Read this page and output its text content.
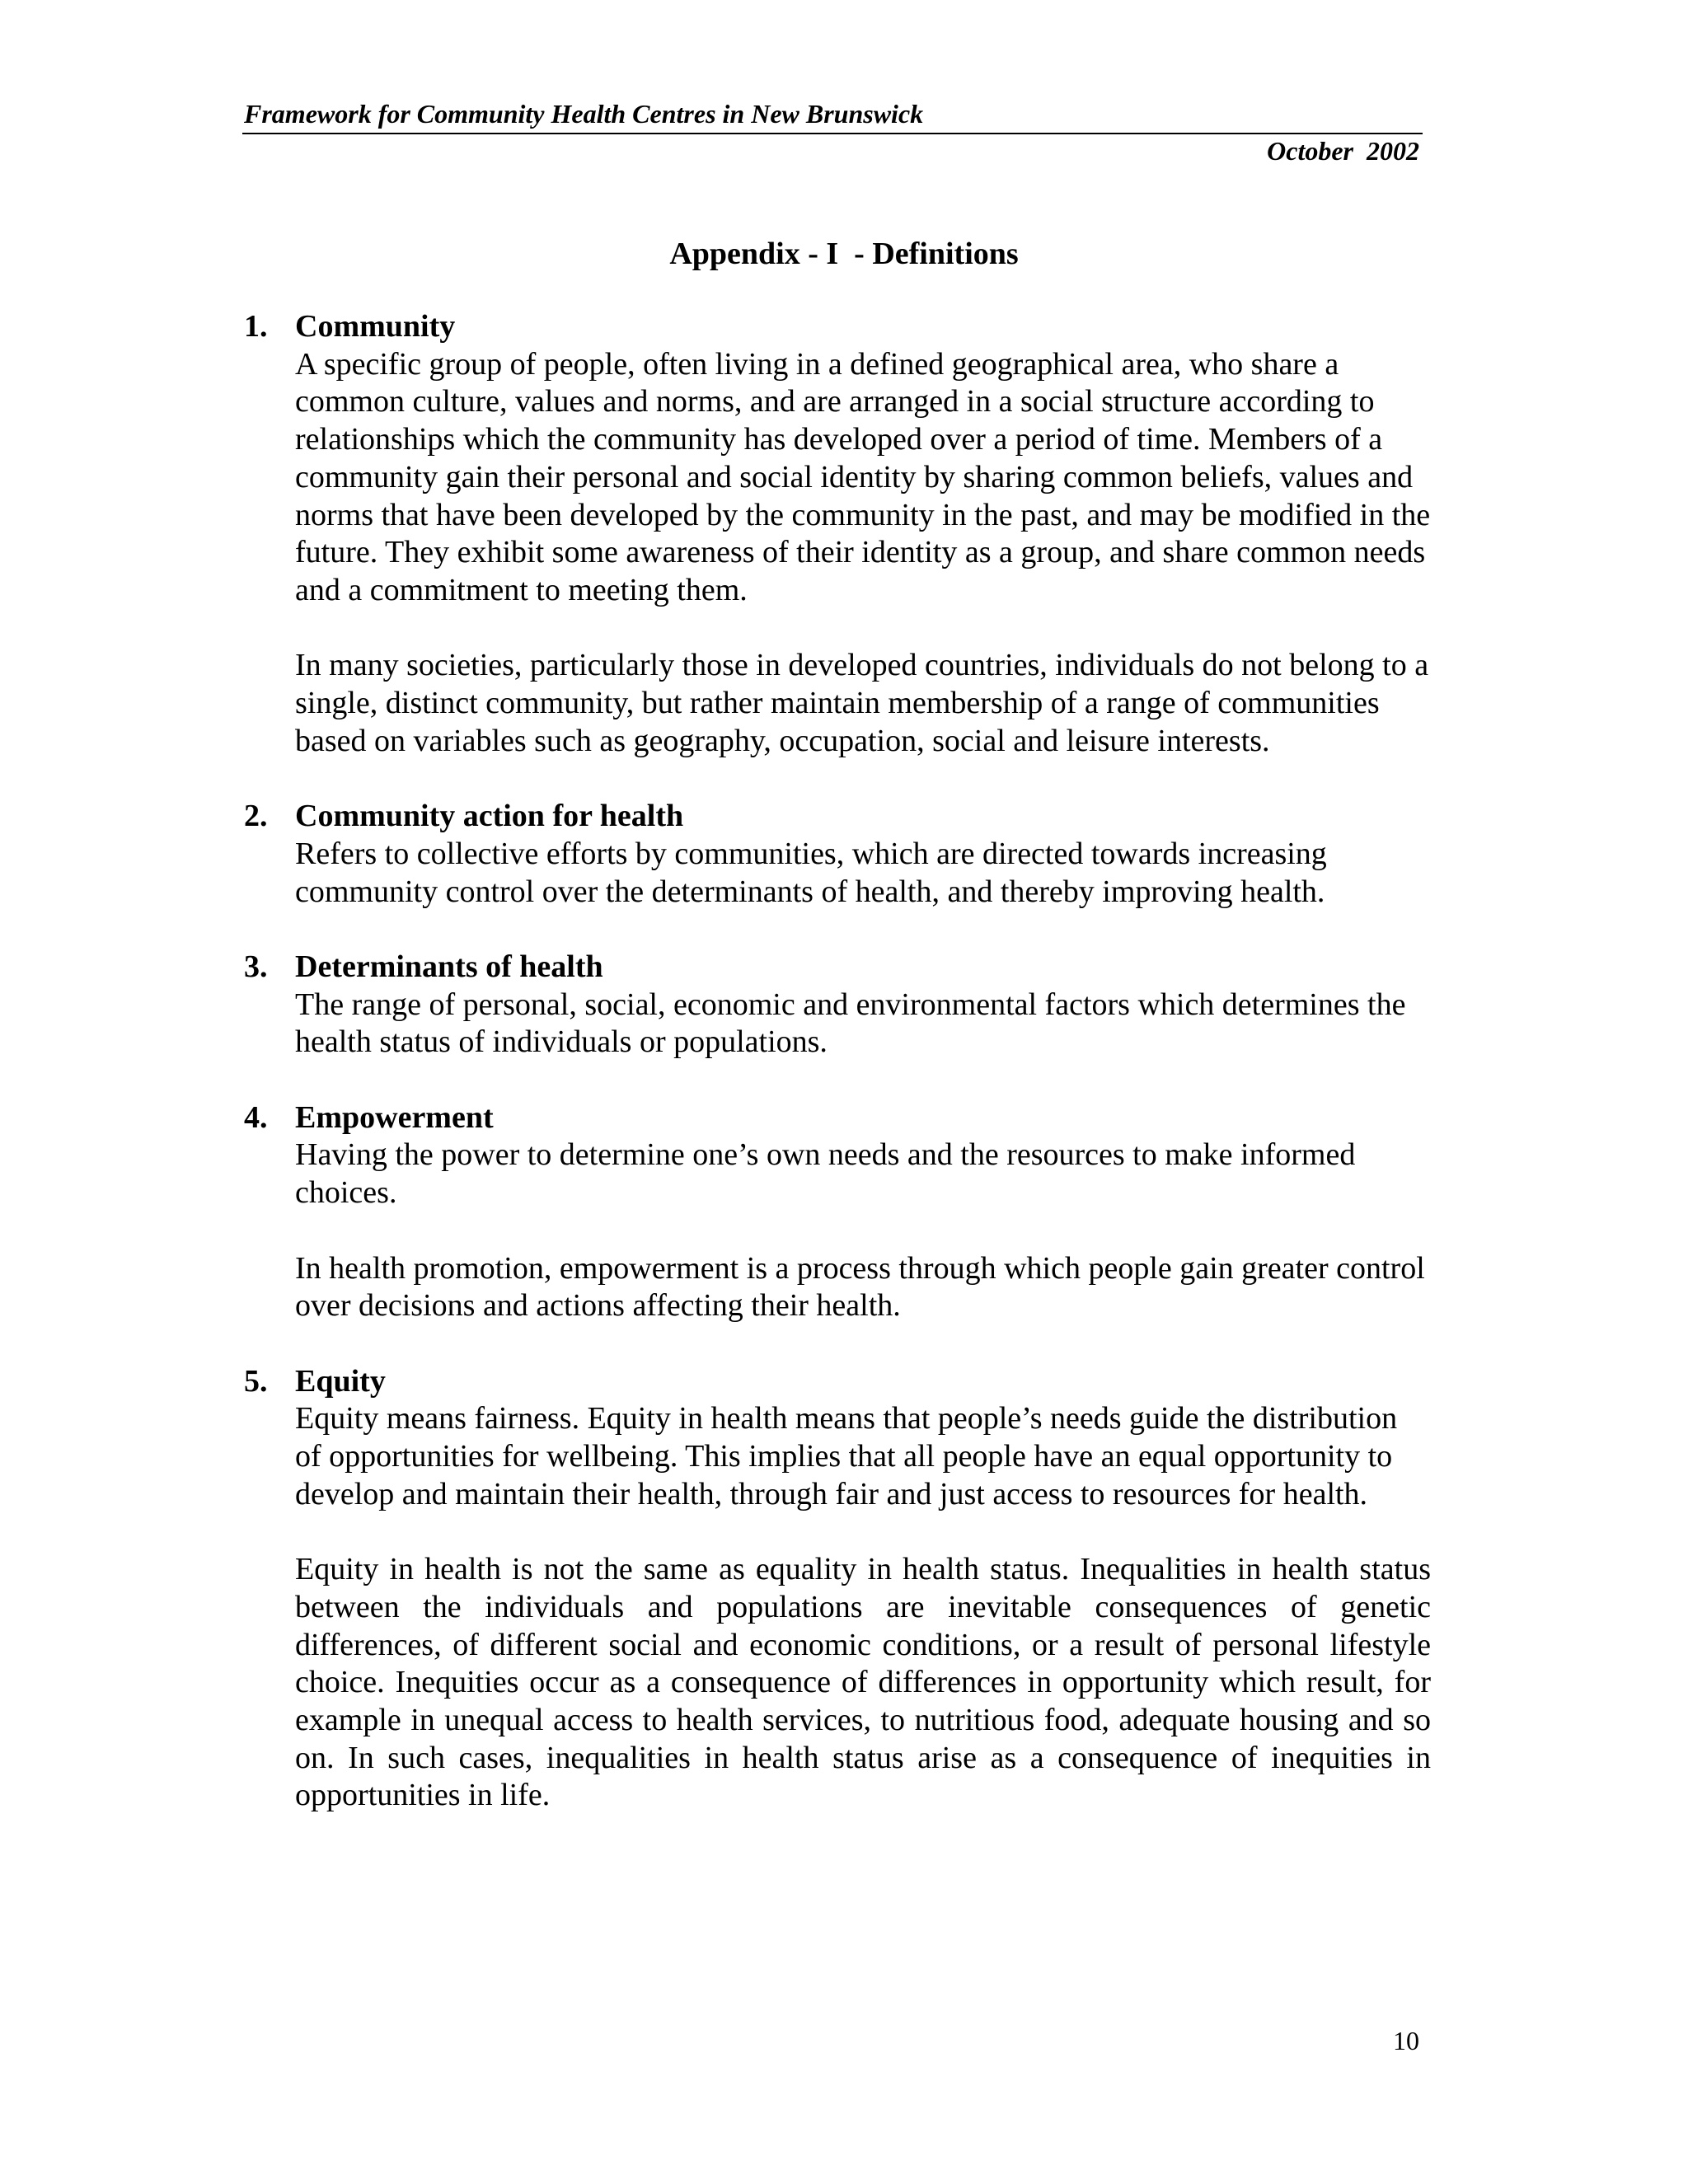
Framework for Community Health Centres in New Brunswick
October  2002
Appendix - I  - Definitions
1. Community

A specific group of people, often living in a defined geographical area, who share a common culture, values and norms, and are arranged in a social structure according to relationships which the community has developed over a period of time. Members of a community gain their personal and social identity by sharing common beliefs, values and norms that have been developed by the community in the past, and may be modified in the future. They exhibit some awareness of their identity as a group, and share common needs and a commitment to meeting them.

In many societies, particularly those in developed countries, individuals do not belong to a single, distinct community, but rather maintain membership of a range of communities based on variables such as geography, occupation, social and leisure interests.

2. Community action for health

Refers to collective efforts by communities, which are directed towards increasing community control over the determinants of health, and thereby improving health.

3. Determinants of health

The range of personal, social, economic and environmental factors which determines the health status of individuals or populations.

4. Empowerment

Having the power to determine one’s own needs and the resources to make informed choices.

In health promotion, empowerment is a process through which people gain greater control over decisions and actions affecting their health.

5. Equity

Equity means fairness. Equity in health means that people’s needs guide the distribution of opportunities for wellbeing. This implies that all people have an equal opportunity to develop and maintain their health, through fair and just access to resources for health.

Equity in health is not the same as equality in health status. Inequalities in health status between the individuals and populations are inevitable consequences of genetic differences, of different social and economic conditions, or a result of personal lifestyle choice. Inequities occur as a consequence of differences in opportunity which result, for example in unequal access to health services, to nutritious food, adequate housing and so on. In such cases, inequalities in health status arise as a consequence of inequities in opportunities in life.

10
